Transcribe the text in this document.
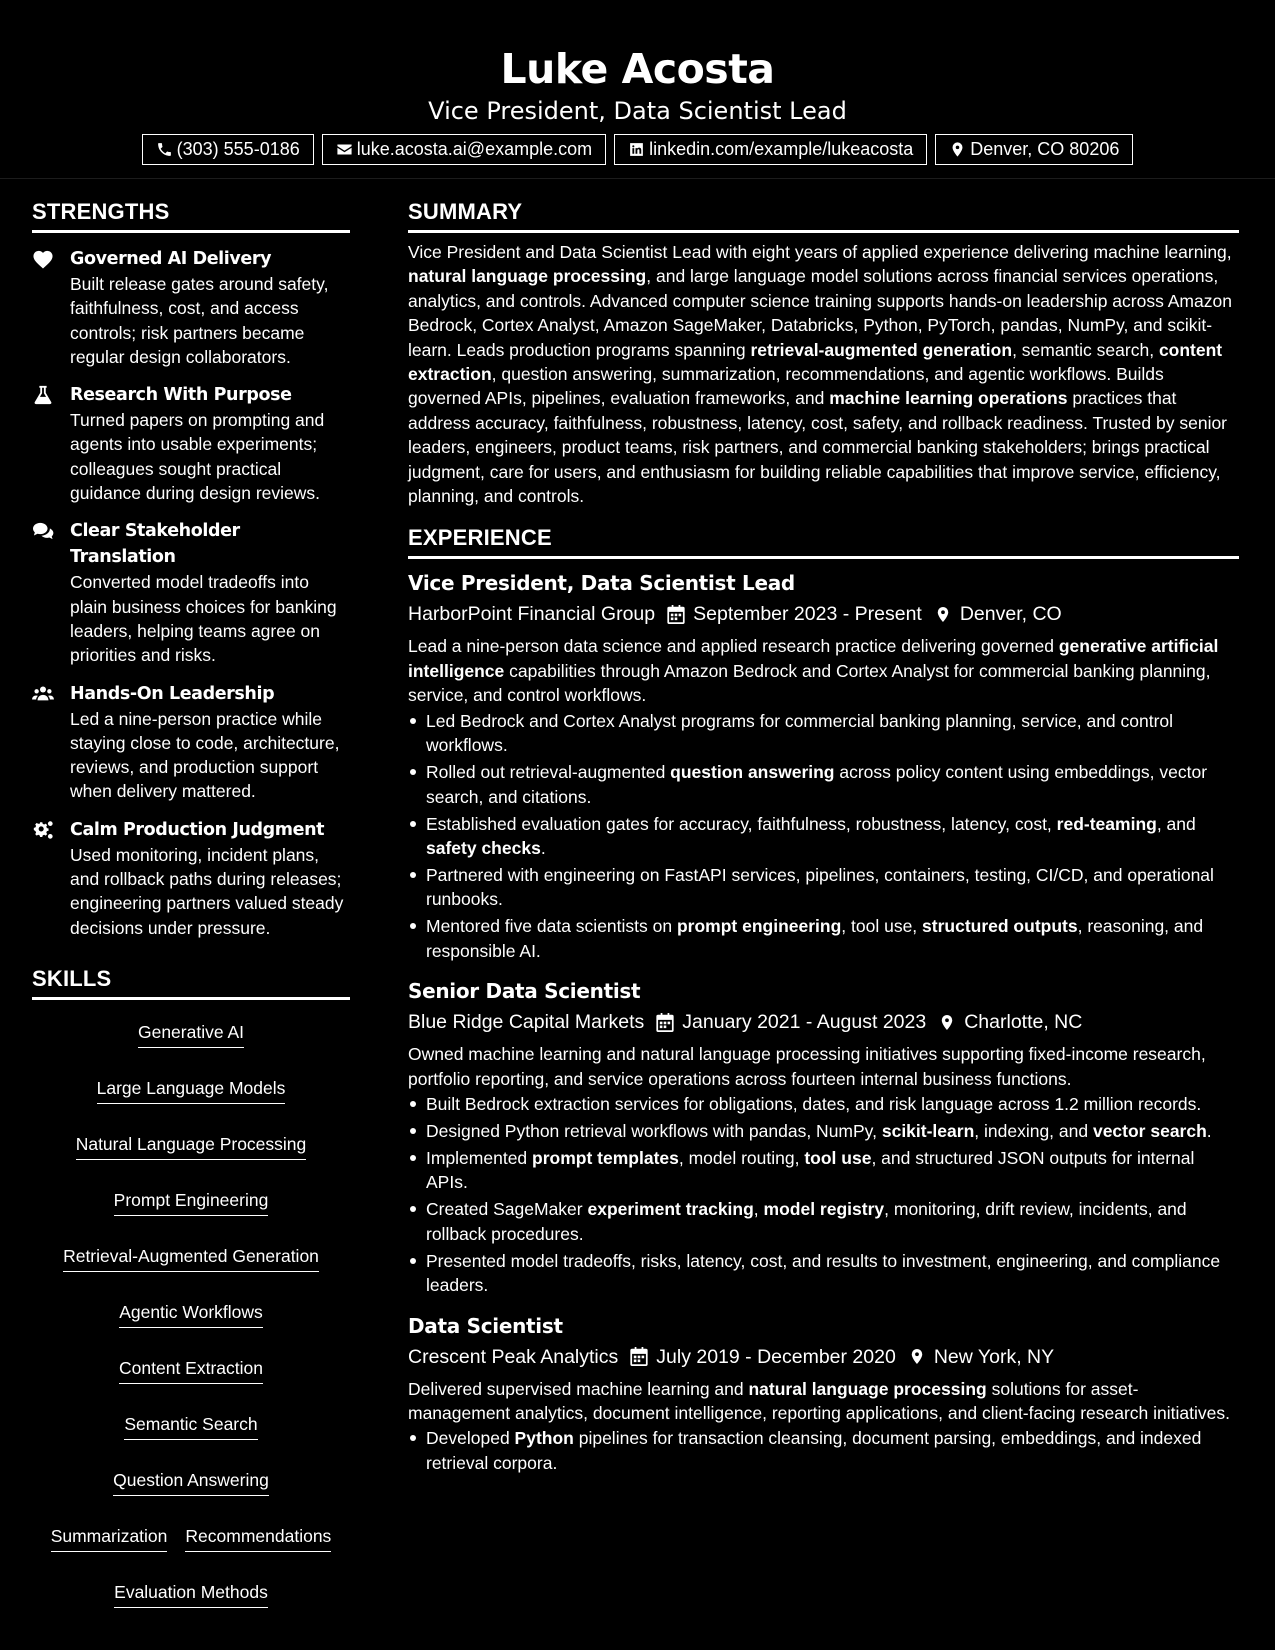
Luke Acosta
Vice President, Data Scientist Lead
(303) 555-0186	luke.acosta.ai@example.com	linkedin.com/example/lukeacosta	Denver, CO 80206
STRENGTHS
Governed AI Delivery
Built release gates around safety, faithfulness, cost, and access controls; risk partners became regular design collaborators.
Research With Purpose
Turned papers on prompting and agents into usable experiments; colleagues sought practical guidance during design reviews.
Clear Stakeholder Translation
Converted model tradeoffs into plain business choices for banking leaders, helping teams agree on priorities and risks.
Hands-On Leadership
Led a nine-person practice while staying close to code, architecture, reviews, and production support when delivery mattered.
Calm Production Judgment
Used monitoring, incident plans, and rollback paths during releases; engineering partners valued steady decisions under pressure.
SKILLS
Generative AI
Large Language Models
Natural Language Processing
Prompt Engineering
Retrieval-Augmented Generation
Agentic Workflows
Content Extraction
Semantic Search
Question Answering
Summarization Recommendations
Evaluation Methods
SUMMARY
Vice President and Data Scientist Lead with eight years of applied experience delivering machine learning, natural language processing, and large language model solutions across financial services operations, analytics, and controls. Advanced computer science training supports hands-on leadership across Amazon Bedrock, Cortex Analyst, Amazon SageMaker, Databricks, Python, PyTorch, pandas, NumPy, and scikit-learn. Leads production programs spanning retrieval-augmented generation, semantic search, content extraction, question answering, summarization, recommendations, and agentic workflows. Builds governed APIs, pipelines, evaluation frameworks, and machine learning operations practices that address accuracy, faithfulness, robustness, latency, cost, safety, and rollback readiness. Trusted by senior leaders, engineers, product teams, risk partners, and commercial banking stakeholders; brings practical judgment, care for users, and enthusiasm for building reliable capabilities that improve service, efficiency, planning, and controls.
EXPERIENCE
Vice President, Data Scientist Lead
HarborPoint Financial Group September 2023 - Present Denver, CO
Lead a nine-person data science and applied research practice delivering governed generative artificial intelligence capabilities through Amazon Bedrock and Cortex Analyst for commercial banking planning, service, and control workflows.
Led Bedrock and Cortex Analyst programs for commercial banking planning, service, and control workflows.
Rolled out retrieval-augmented question answering across policy content using embeddings, vector search, and citations.
Established evaluation gates for accuracy, faithfulness, robustness, latency, cost, red-teaming, and safety checks.
Partnered with engineering on FastAPI services, pipelines, containers, testing, CI/CD, and operational runbooks.
Mentored five data scientists on prompt engineering, tool use, structured outputs, reasoning, and responsible AI.
Senior Data Scientist
Blue Ridge Capital Markets January 2021 - August 2023 Charlotte, NC
Owned machine learning and natural language processing initiatives supporting fixed-income research, portfolio reporting, and service operations across fourteen internal business functions.
Built Bedrock extraction services for obligations, dates, and risk language across 1.2 million records.
Designed Python retrieval workflows with pandas, NumPy, scikit-learn, indexing, and vector search.
Implemented prompt templates, model routing, tool use, and structured JSON outputs for internal APIs.
Created SageMaker experiment tracking, model registry, monitoring, drift review, incidents, and rollback procedures.
Presented model tradeoffs, risks, latency, cost, and results to investment, engineering, and compliance leaders.
Data Scientist
Crescent Peak Analytics July 2019 - December 2020 New York, NY
Delivered supervised machine learning and natural language processing solutions for asset-management analytics, document intelligence, reporting applications, and client-facing research initiatives.
Developed Python pipelines for transaction cleansing, document parsing, embeddings, and indexed retrieval corpora.
